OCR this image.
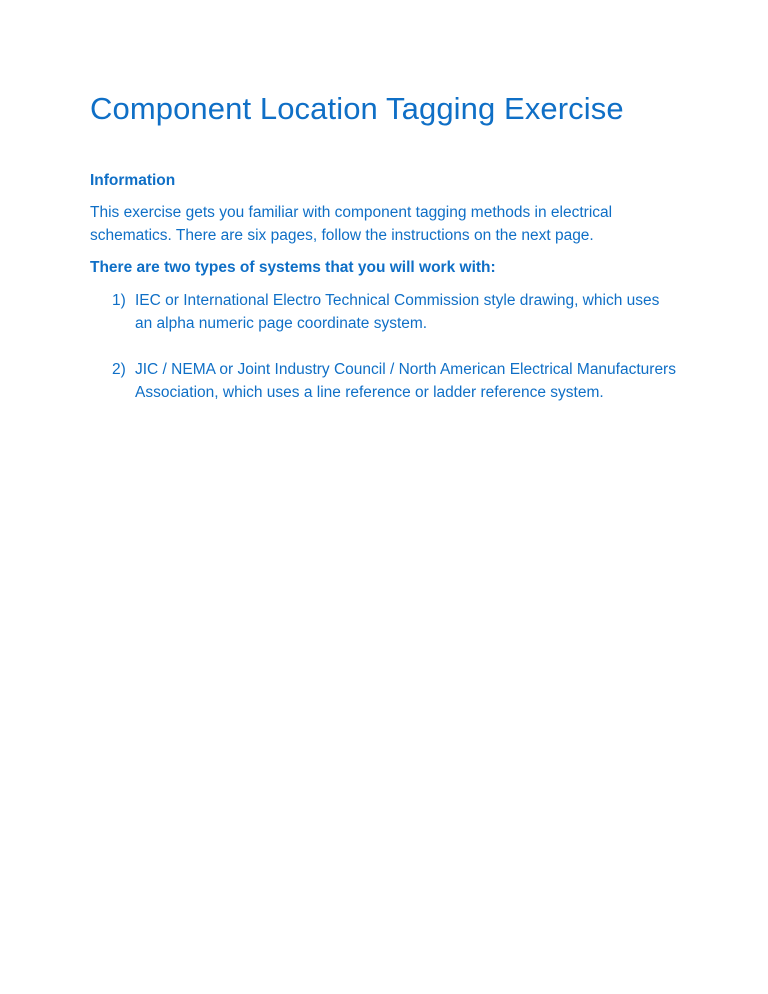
Component Location Tagging Exercise
Information

This exercise gets you familiar with component tagging methods in electrical schematics. There are six pages, follow the instructions on the next page.

There are two types of systems that you will work with:

1) IEC or International Electro Technical Commission style drawing, which uses an alpha numeric page coordinate system.
2) JIC / NEMA or Joint Industry Council / North American Electrical Manufacturers Association, which uses a line reference or ladder reference system.
